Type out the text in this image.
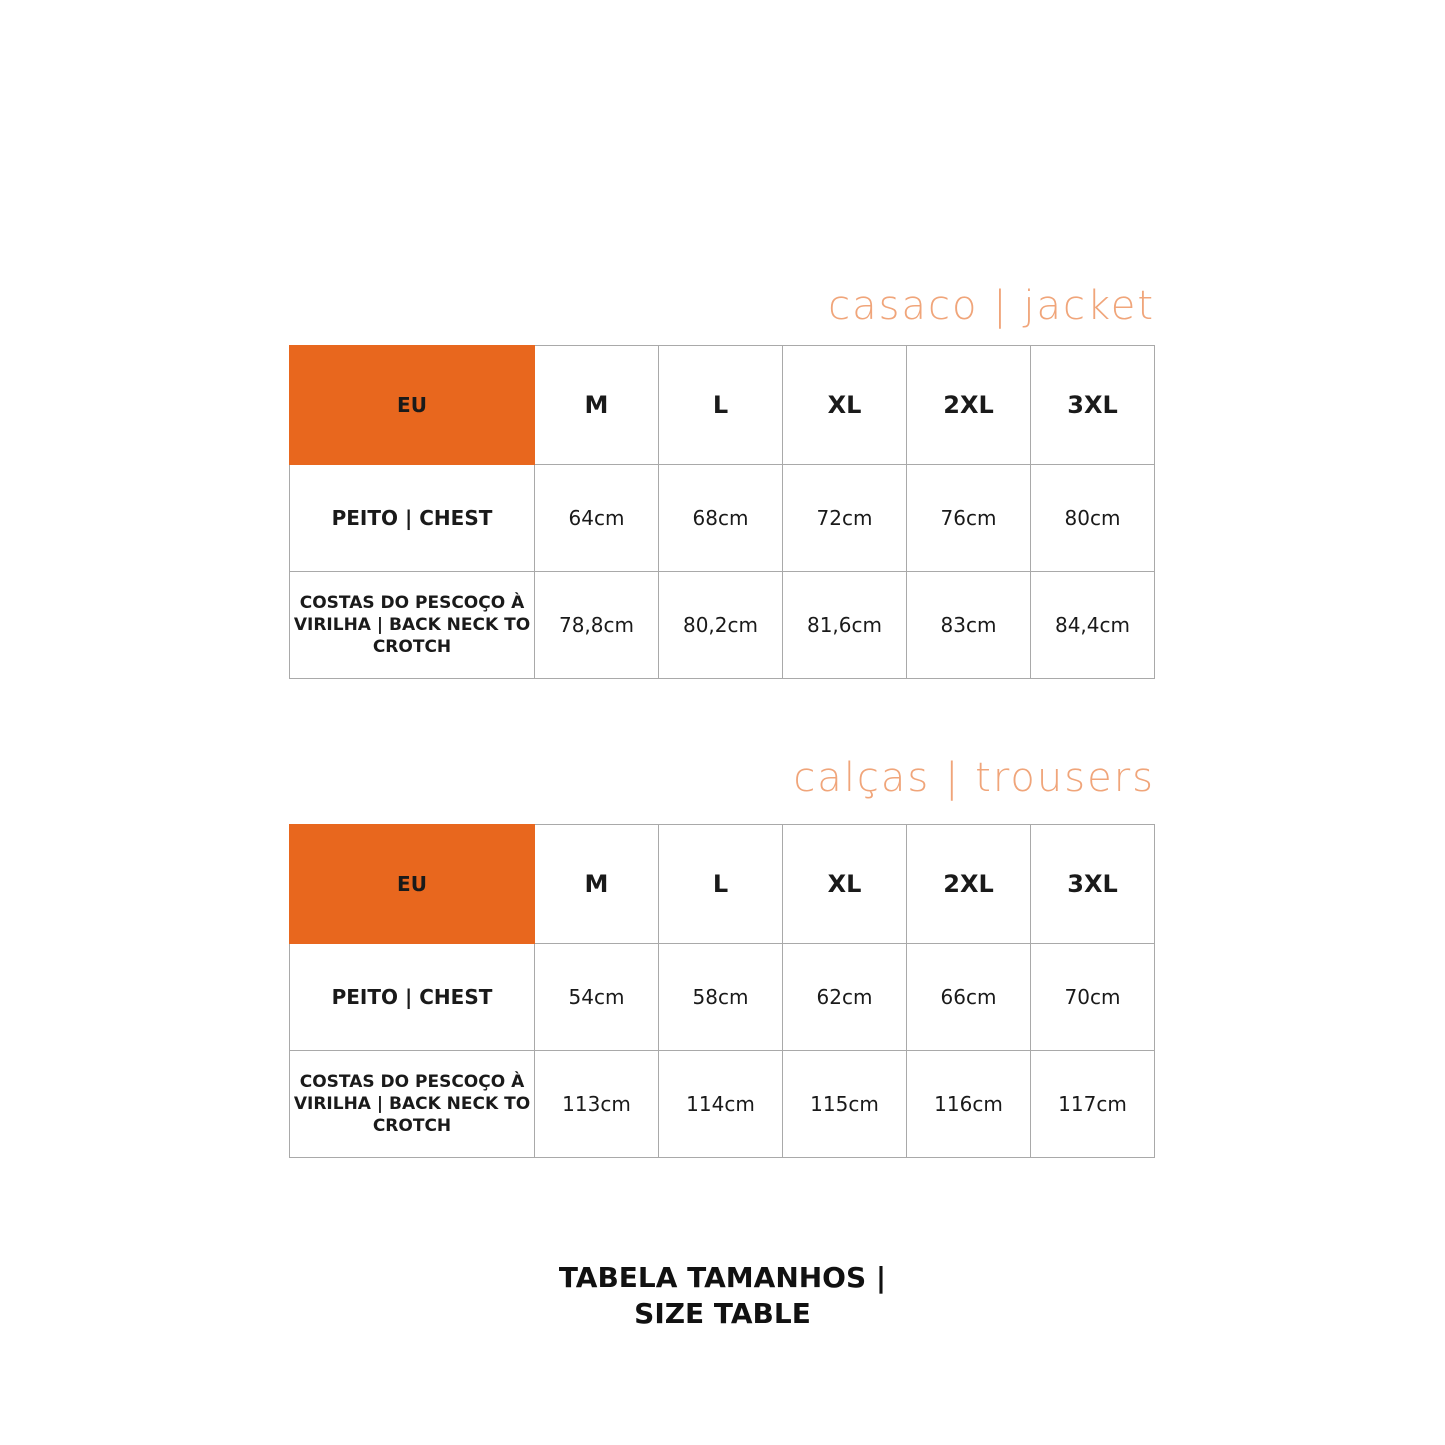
casaco | jacket
EU	M	L	XL	2XL	3XL
PEITO | CHEST	64cm	68cm	72cm	76cm	80cm
COSTAS DO PESCOÇO À VIRILHA | BACK NECK TO CROTCH	78,8cm	80,2cm	81,6cm	83cm	84,4cm
calças | trousers
EU	M	L	XL	2XL	3XL
PEITO | CHEST	54cm	58cm	62cm	66cm	70cm
COSTAS DO PESCOÇO À VIRILHA | BACK NECK TO CROTCH	113cm	114cm	115cm	116cm	117cm
TABELA TAMANHOS |
SIZE TABLE
